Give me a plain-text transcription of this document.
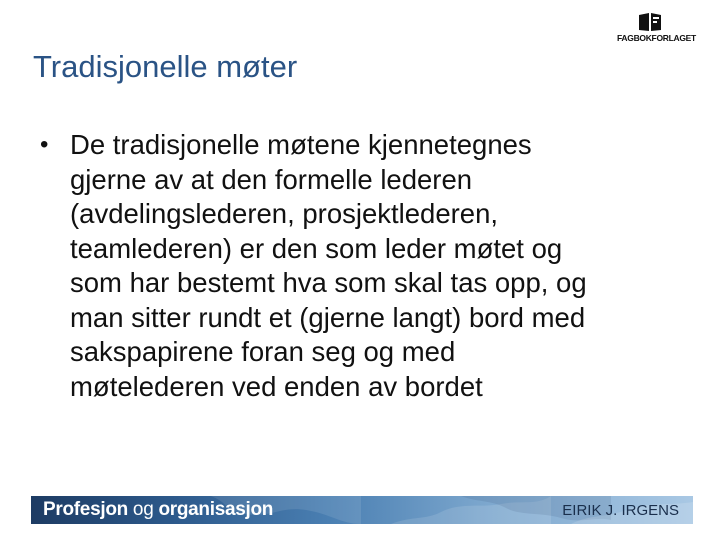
FAGBOKFORLAGET
Tradisjonelle møter
• De tradisjonelle møtene kjennetegnes
gjerne av at den formelle lederen
(avdelingslederen, prosjektlederen,
teamlederen) er den som leder møtet og
som har bestemt hva som skal tas opp, og
man sitter rundt et (gjerne langt) bord med
sakspapirene foran seg og med
møtelederen ved enden av bordet
Profesjon og organisasjon	EIRIK J. IRGENS
